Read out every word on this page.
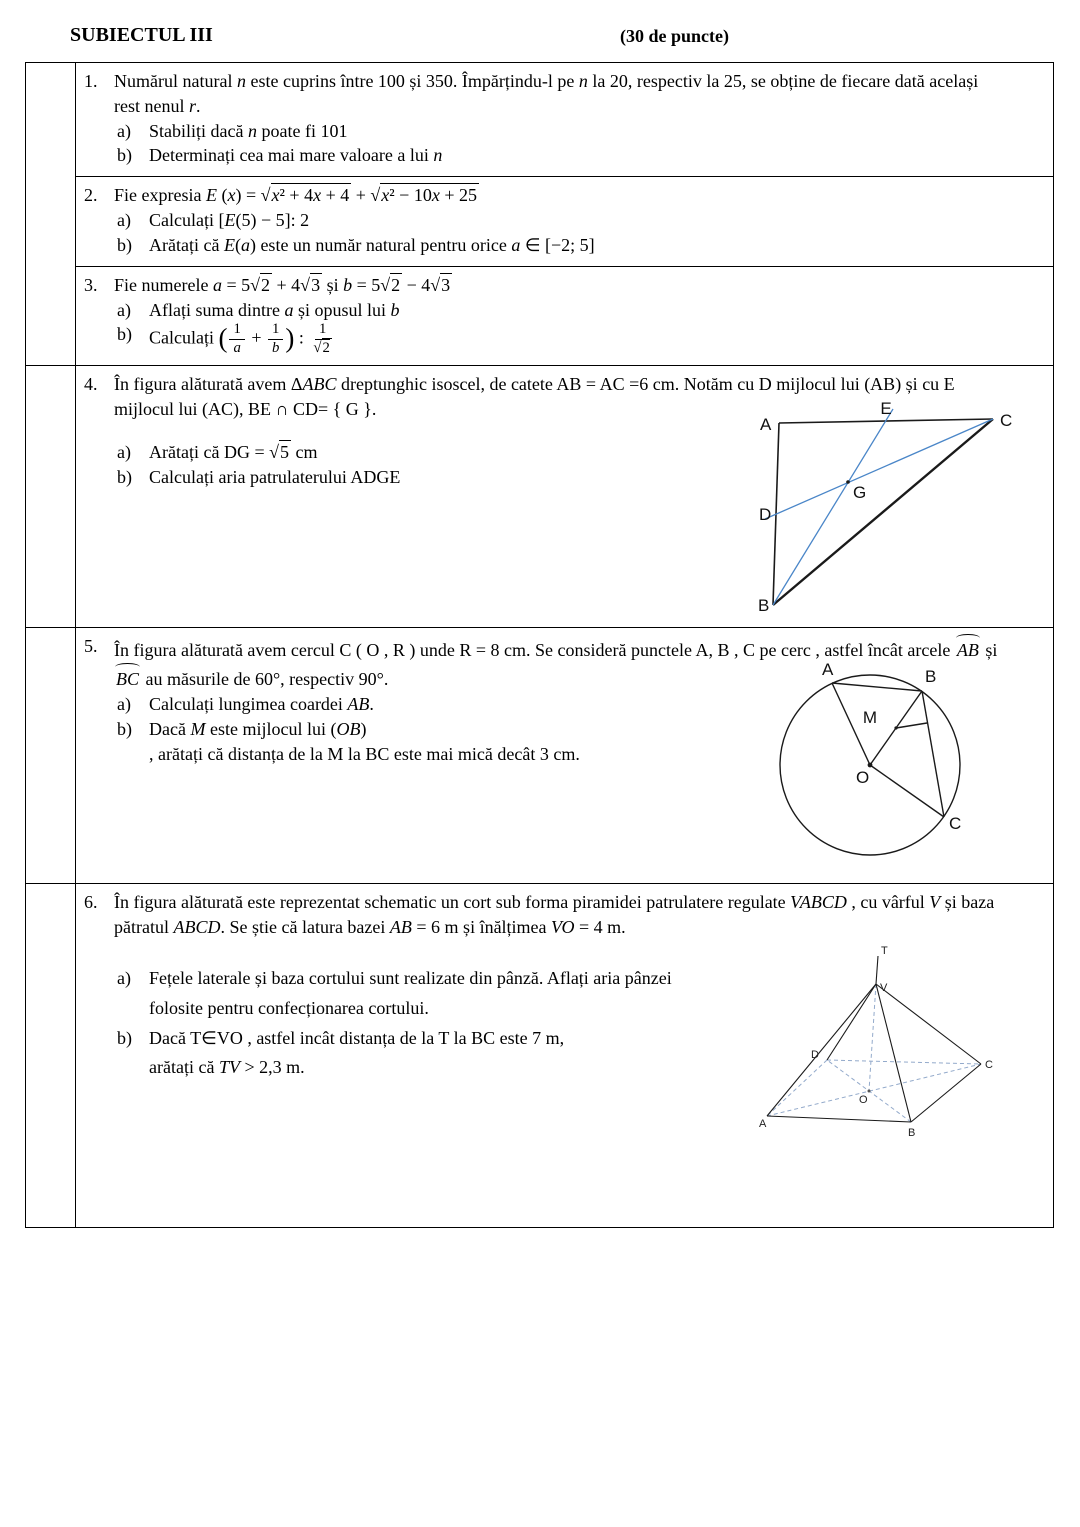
SUBIECTUL III	(30 de puncte)
1. Numărul natural n este cuprins între 100 și 350. Împărțindu-l pe n la 20, respectiv la 25, se obține de fiecare dată același rest nenul r.
a)	Stabiliți dacă n poate fi 101
b) Determinați cea mai mare valoare a lui n
2. Fie expresia E (x) = √x² + 4x + 4 + √x² − 10x + 25
a)	Calculați [E(5) − 5]: 2
b) Arătați că E(a) este un număr natural pentru orice a ∈ [−2; 5]
3. Fie numerele a = 5√2 + 4√3 și b = 5√2 − 4√3
a)	Aflați suma dintre a și opusul lui b
b) Calculați ( $\frac{1}{a} + \frac{1}{b}$ ) : $\frac{1}{√2}$
4. În figura alăturată avem ΔABC dreptunghic isoscel, de catete AB = AC =6 cm. Notăm cu D mijlocul lui (AB) și cu E mijlocul lui (AC), BE ∩ CD= { G }.
a)	Arătați că DG = √5 cm
b) Calculați aria patrulaterului ADGE
A
E
C
D
B
G
5. În figura alăturată avem cercul C ( O , R ) unde R = 8 cm. Se consideră punctele A, B , C pe cerc , astfel încât arcele AB și BC au măsurile de 60°, respectiv 90°.
a)	Calculați lungimea coardei AB.
b) Dacă M este mijlocul lui (OB)
, arătați că distanța de la M la BC este mai mică decât 3 cm.
A	B
M
O
C
6. În figura alăturată este reprezentat schematic un cort sub forma piramidei patrulatere regulate VABCD , cu vârful V și baza pătratul ABCD. Se știe că latura bazei AB = 6 m și înălțimea VO = 4 m.
a)	Fețele laterale și baza cortului sunt realizate din pânză. Aflați aria pânzei
folosite pentru confecționarea cortului.
b) Dacă T∈VO , astfel incât distanța de la T la BC este 7 m,
arătați că TV > 2,3 m.
T
V
D
C
O
A
B
